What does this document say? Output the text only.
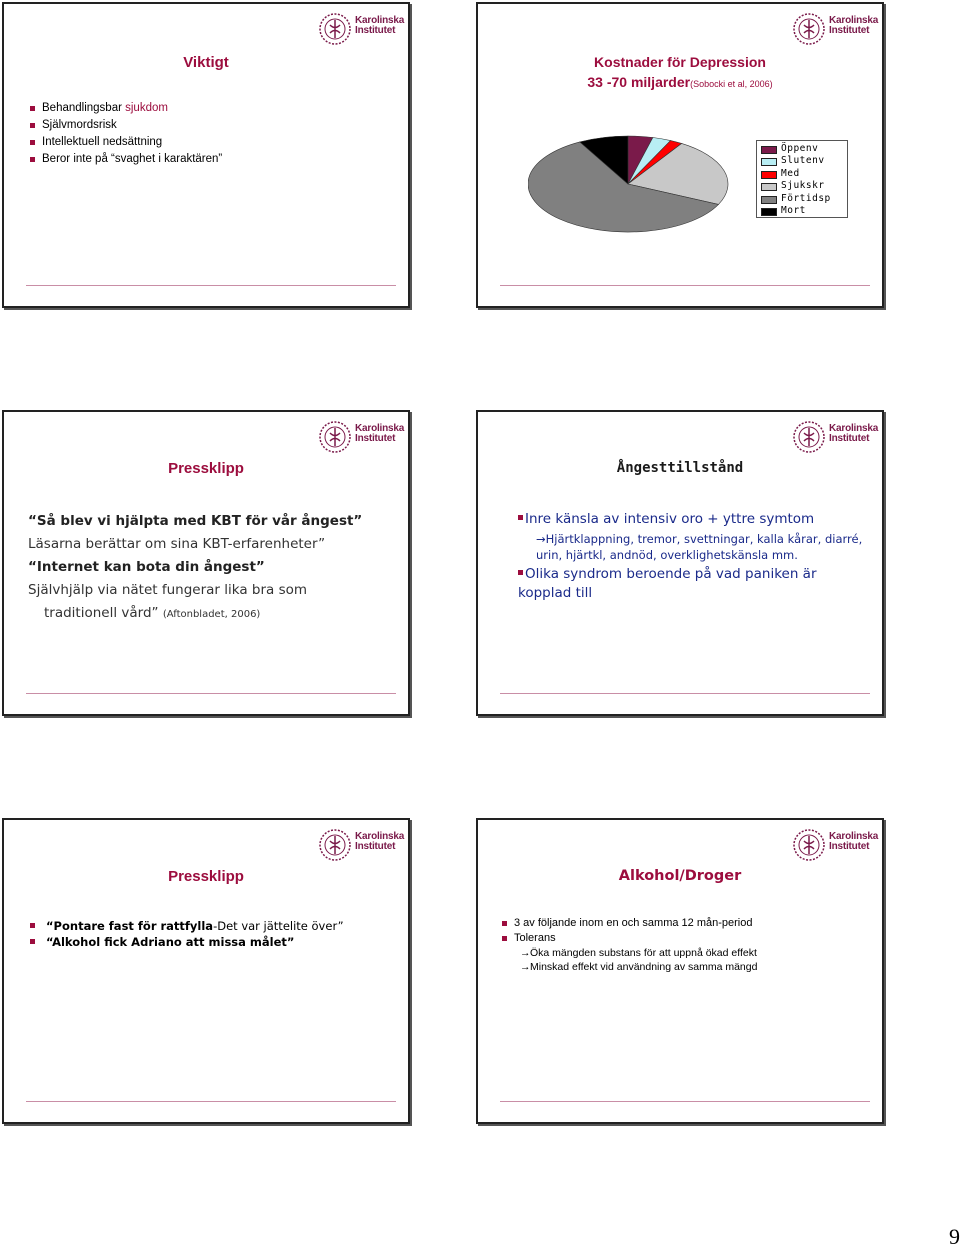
Karolinska
Institutet
Viktigt
Behandlingsbar sjukdom
Självmordsrisk
Intellektuell nedsättning
Beror inte på “svaghet i karaktären”
Karolinska
Institutet
Kostnader för Depression
33 -70 miljarder(Sobocki et al, 2006)
Öppenv
Slutenv
Med
Sjukskr
Förtidsp
Mort
Karolinska
Institutet
Pressklipp
“Så blev vi hjälpta med KBT för vår ångest”
Läsarna berättar om sina KBT-erfarenheter”
“Internet kan bota din ångest”
Självhjälp via nätet fungerar lika bra som
traditionell vård” (Aftonbladet, 2006)
Karolinska
Institutet
Ångesttillstånd
Inre känsla av intensiv oro + yttre symtom
→Hjärtklappning, tremor, svettningar, kalla kårar, diarré, urin, hjärtkl, andnöd, overklighetskänsla mm.
Olika syndrom beroende på vad paniken är kopplad till
Karolinska
Institutet
Pressklipp
“Pontare fast för rattfylla-Det var jättelite över”
“Alkohol fick Adriano att missa målet”
Karolinska
Institutet
Alkohol/Droger
3 av följande inom en och samma 12 mån-period
Tolerans
→ Öka mängden substans för att uppnå ökad effekt
→ Minskad effekt vid användning av samma mängd
9
